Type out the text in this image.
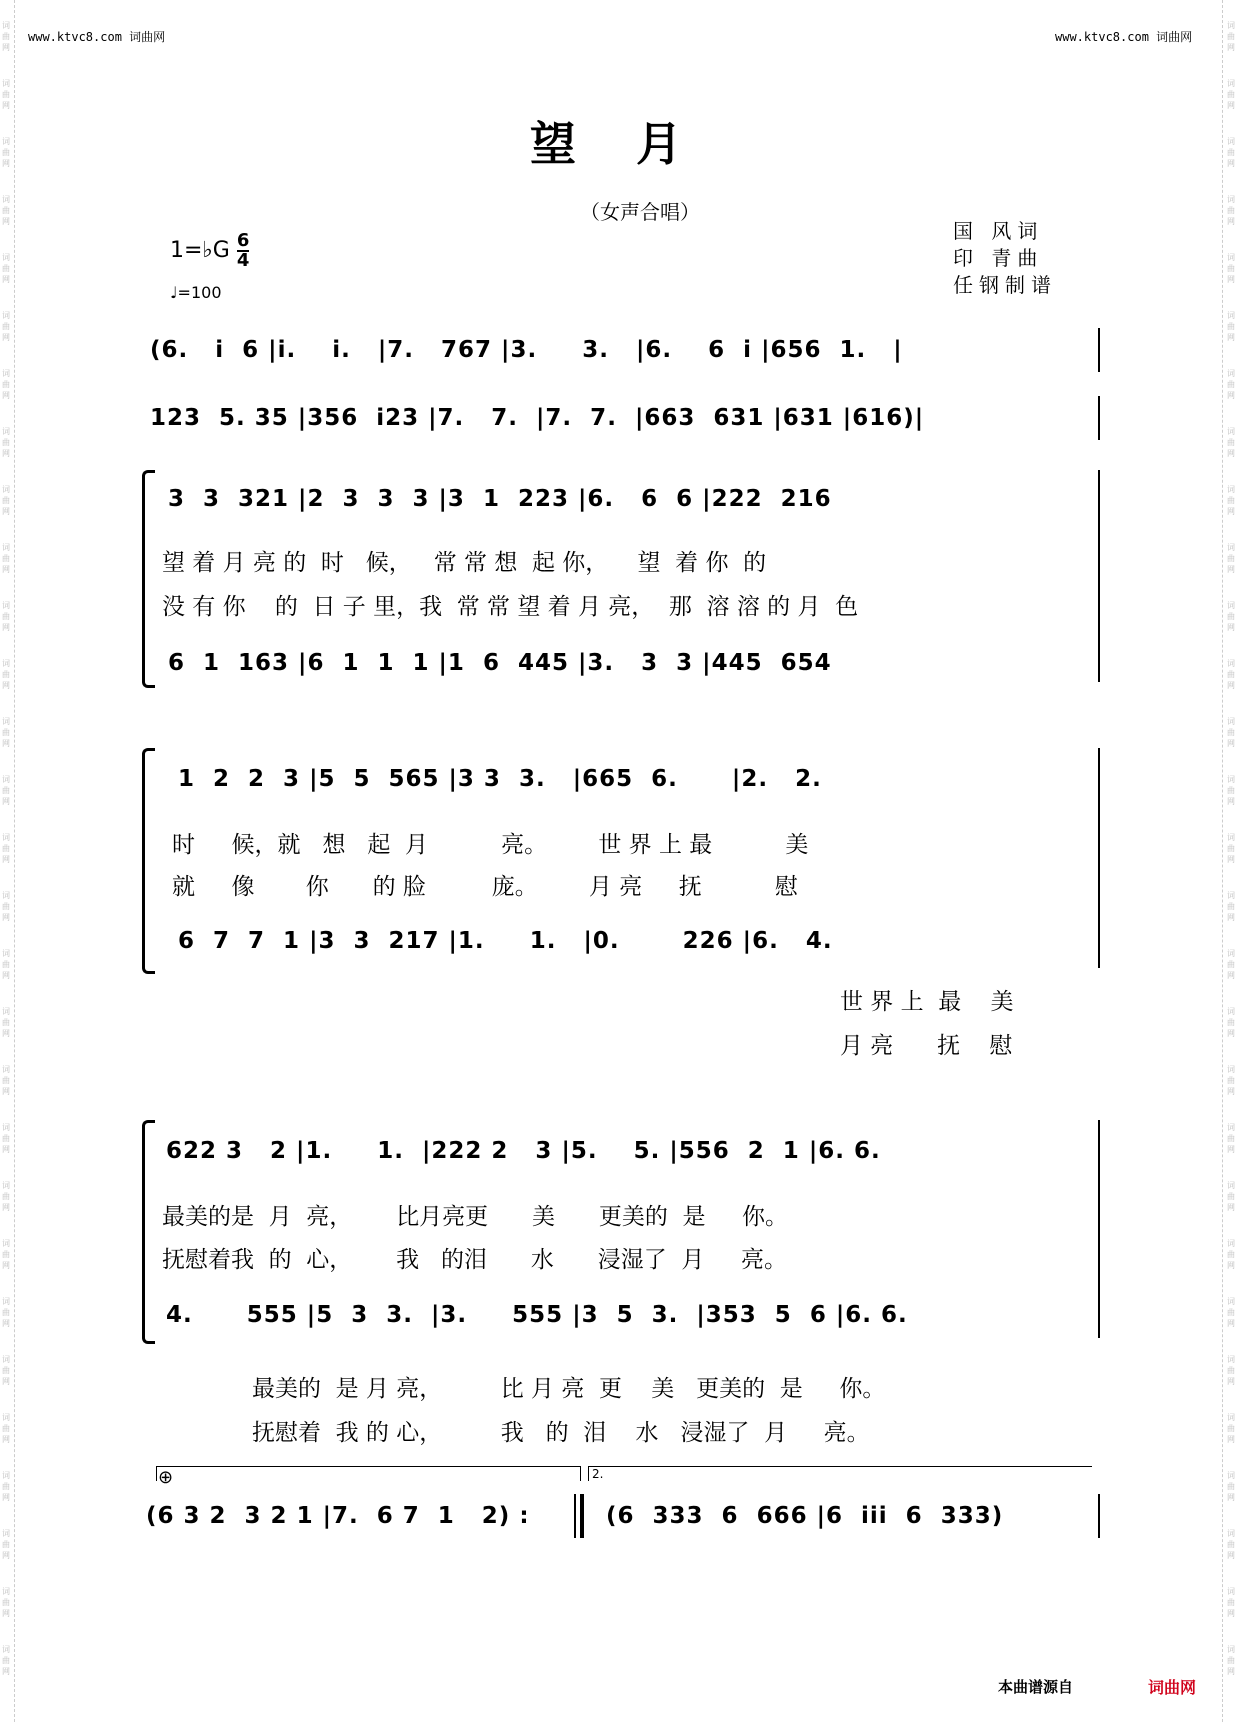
词曲网
词曲网
词曲网
词曲网
词曲网
词曲网
词曲网
词曲网
词曲网
词曲网
词曲网
词曲网
词曲网
词曲网
词曲网
词曲网
词曲网
词曲网
词曲网
词曲网
词曲网
词曲网
词曲网
词曲网
词曲网
词曲网
词曲网
词曲网
词曲网
词曲网
词曲网
词曲网
词曲网
词曲网
词曲网
词曲网
词曲网
词曲网
词曲网
词曲网
词曲网
词曲网
词曲网
词曲网
词曲网
词曲网
词曲网
词曲网
词曲网
词曲网
词曲网
词曲网
词曲网
词曲网
词曲网
词曲网
词曲网
词曲网
www.ktvc8.com 词曲网	www.ktvc8.com 词曲网
望月
（女声合唱）
1=♭G $\frac{6}{4}$
♩=100
国 风词
印 青曲
任钢制谱
(6.   i  6 |i.    i.   |7.   767 |3.     3.   |6.    6  i |656  1.   |
123  5. 35 |356  i23 |7.   7.  |7.  7.  |663  631 |631 |616)|
3  3  321 |2  3  3  3 |3  1  223 |6.   6  6 |222  216
望 着 月 亮 的  时   候，   常 常 想  起 你，    望  着 你  的
没 有 你    的  日 子 里，我  常 常 望 着 月 亮，  那  溶 溶 的 月  色
6  1  163 |6  1  1  1 |1  6  445 |3.   3  3 |445  654
1  2  2  3 |5  5  565 |3 3  3.   |665  6.      |2.   2.
时     候，就   想   起  月          亮。       世 界 上 最          美
就     像       你      的 脸         庞。       月 亮     抚          慰
6  7  7  1 |3  3  217 |1.     1.   |0.       226 |6.   4.
世 界 上  最    美
月 亮      抚    慰
622 3   2 |1.     1.  |222 2   3 |5.    5. |556  2  1 |6. 6.
最美的是  月  亮，      比月亮更      美      更美的  是     你。
抚慰着我  的  心，      我   的泪      水      浸湿了  月     亮。
4.      555 |5  3  3.  |3.     555 |3  5  3.  |353  5  6 |6. 6.
最美的  是 月 亮，        比 月 亮  更    美   更美的  是     你。
抚慰着  我 的 心，        我   的  泪    水   浸湿了  月     亮。
⊕	2.
(6 3 2  3 2 1 |7.  6 7  1   2) :	(6  333  6  666 |6  iii  6  333)
本曲谱源自	词曲网
